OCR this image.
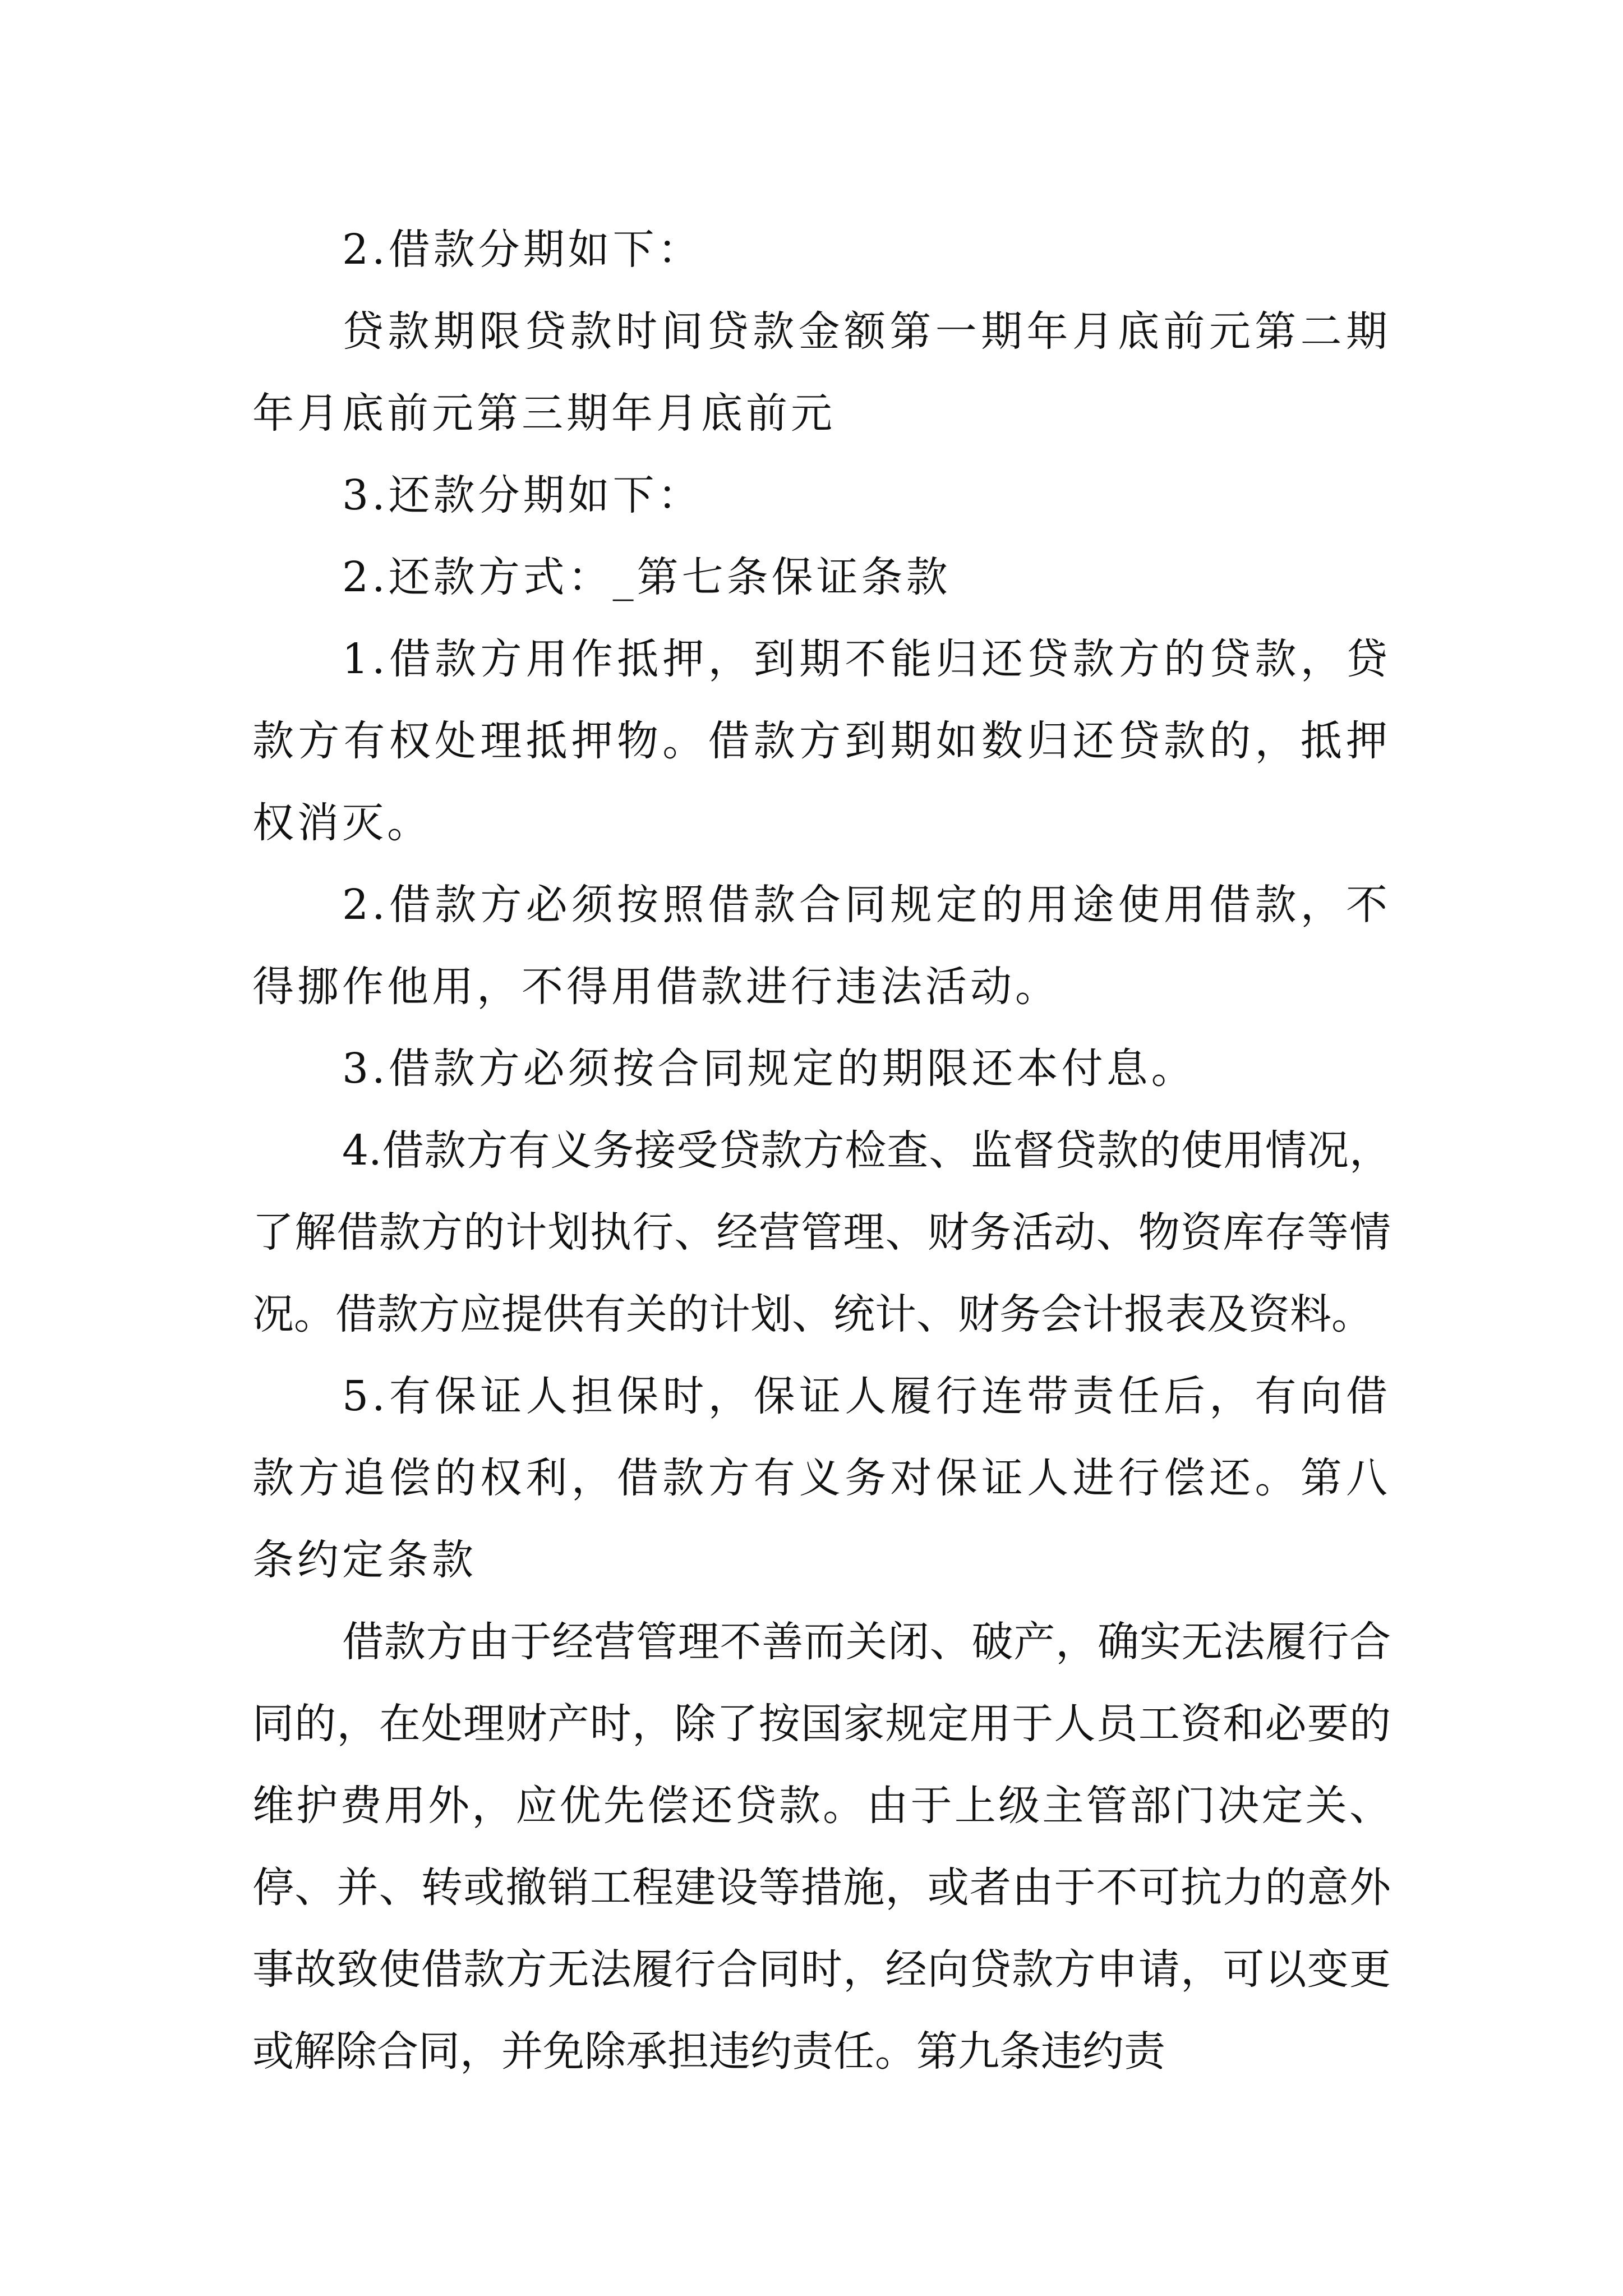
2.借款分期如下：

贷款期限贷款时间贷款金额第一期年月底前元第二期年月底前元第三期年月底前元

3.还款分期如下：

2.还款方式：_第七条保证条款

1.借款方用作抵押，到期不能归还贷款方的贷款，贷款方有权处理抵押物。借款方到期如数归还贷款的，抵押权消灭。

2.借款方必须按照借款合同规定的用途使用借款，不得挪作他用，不得用借款进行违法活动。

3.借款方必须按合同规定的期限还本付息。

4.借款方有义务接受贷款方检查、监督贷款的使用情况，了解借款方的计划执行、经营管理、财务活动、物资库存等情况。借款方应提供有关的计划、统计、财务会计报表及资料。

5.有保证人担保时，保证人履行连带责任后，有向借款方追偿的权利，借款方有义务对保证人进行偿还。第八条约定条款

借款方由于经营管理不善而关闭、破产，确实无法履行合同的，在处理财产时，除了按国家规定用于人员工资和必要的维护费用外，应优先偿还贷款。由于上级主管部门决定关、停、并、转或撤销工程建设等措施，或者由于不可抗力的意外事故致使借款方无法履行合同时，经向贷款方申请，可以变更或解除合同，并免除承担违约责任。第九条违约责
